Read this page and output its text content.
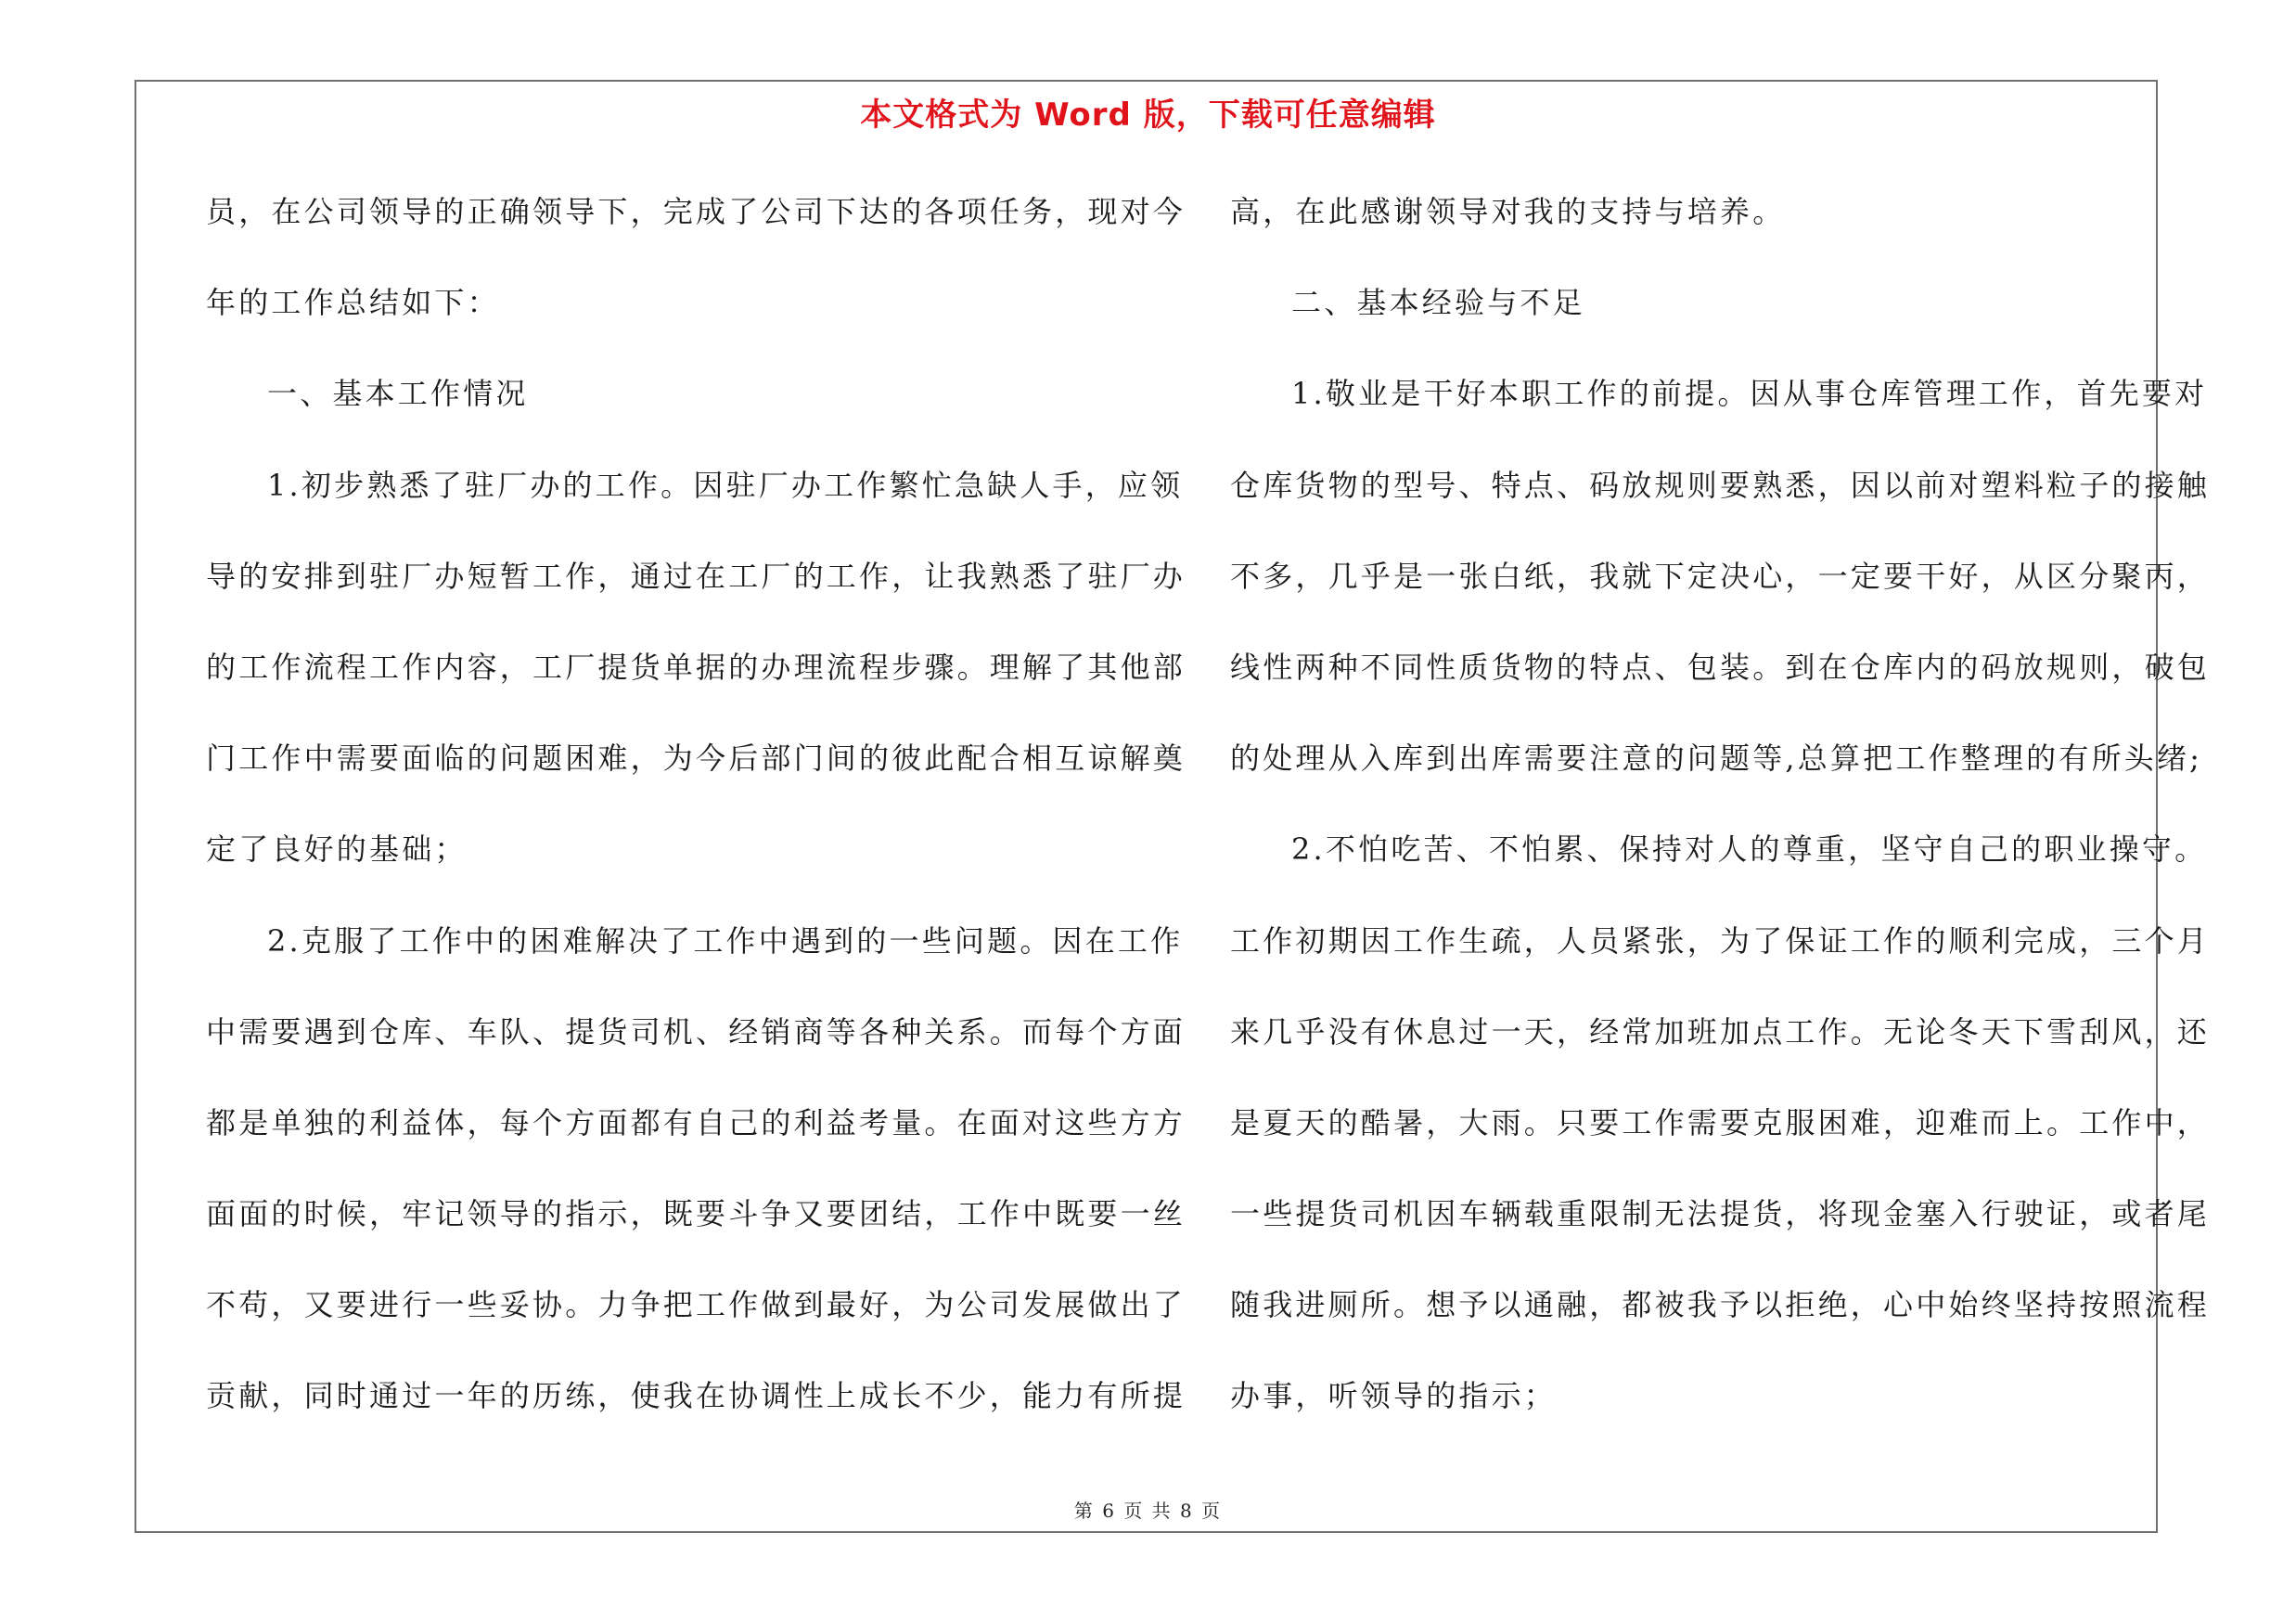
本文格式为 Word 版，下载可任意编辑
员，在公司领导的正确领导下，完成了公司下达的各项任务，现对今
年的工作总结如下：
一、基本工作情况
1.初步熟悉了驻厂办的工作。因驻厂办工作繁忙急缺人手，应领
导的安排到驻厂办短暂工作，通过在工厂的工作，让我熟悉了驻厂办
的工作流程工作内容，工厂提货单据的办理流程步骤。理解了其他部
门工作中需要面临的问题困难，为今后部门间的彼此配合相互谅解奠
定了良好的基础；
2.克服了工作中的困难解决了工作中遇到的一些问题。因在工作
中需要遇到仓库、车队、提货司机、经销商等各种关系。而每个方面
都是单独的利益体，每个方面都有自己的利益考量。在面对这些方方
面面的时候，牢记领导的指示，既要斗争又要团结，工作中既要一丝
不苟，又要进行一些妥协。力争把工作做到最好，为公司发展做出了
贡献，同时通过一年的历练，使我在协调性上成长不少，能力有所提
高，在此感谢领导对我的支持与培养。
二、基本经验与不足
1.敬业是干好本职工作的前提。因从事仓库管理工作，首先要对
仓库货物的型号、特点、码放规则要熟悉，因以前对塑料粒子的接触
不多，几乎是一张白纸，我就下定决心，一定要干好，从区分聚丙，
线性两种不同性质货物的特点、包装。到在仓库内的码放规则，破包
的处理从入库到出库需要注意的问题等,总算把工作整理的有所头绪;
2.不怕吃苦、不怕累、保持对人的尊重，坚守自己的职业操守。
工作初期因工作生疏，人员紧张，为了保证工作的顺利完成，三个月
来几乎没有休息过一天，经常加班加点工作。无论冬天下雪刮风，还
是夏天的酷暑，大雨。只要工作需要克服困难，迎难而上。工作中，
一些提货司机因车辆载重限制无法提货，将现金塞入行驶证，或者尾
随我进厕所。想予以通融，都被我予以拒绝，心中始终坚持按照流程
办事，听领导的指示；
第 6 页 共 8 页
